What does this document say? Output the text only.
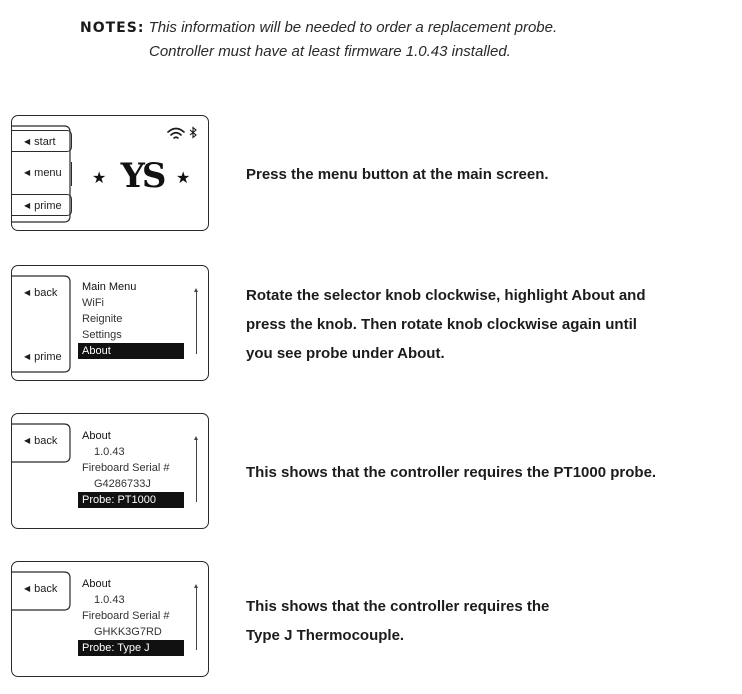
NOTES: This information will be needed to order a replacement probe.
Controller must have at least firmware 1.0.43 installed.
◀ start
◀ menu
◀ prime
★ YS ★	Press the menu button at the main screen.
◀ back
◀ prime
Main Menu
WiFi
Reignite
Settings
About
Rotate the selector knob clockwise, highlight About and
press the knob. Then rotate knob clockwise again until
you see probe under About.
◀ back	About
1.0.43
Fireboard Serial #
G4286733J
Probe: PT1000
This shows that the controller requires the PT1000 probe.
◀ back	About
1.0.43
Fireboard Serial #
GHKK3G7RD
Probe: Type J
This shows that the controller requires the
Type J Thermocouple.
